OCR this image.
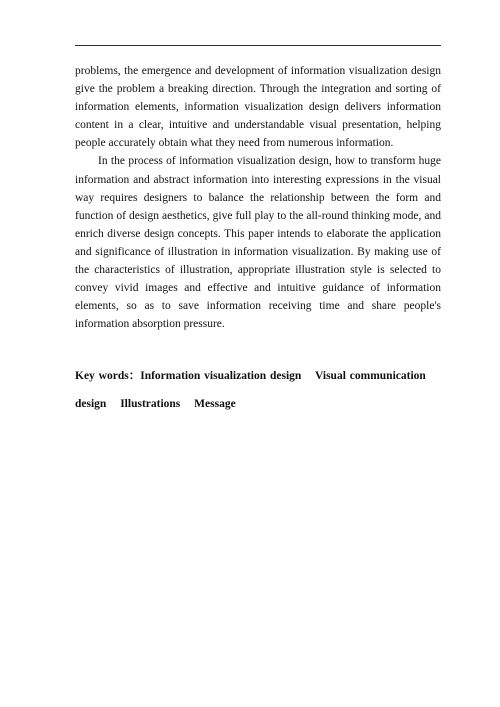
problems, the emergence and development of information visualization design give the problem a breaking direction. Through the integration and sorting of information elements, information visualization design delivers information content in a clear, intuitive and understandable visual presentation, helping people accurately obtain what they need from numerous information.

In the process of information visualization design, how to transform huge information and abstract information into interesting expressions in the visual way requires designers to balance the relationship between the form and function of design aesthetics, give full play to the all-round thinking mode, and enrich diverse design concepts. This paper intends to elaborate the application and significance of illustration in information visualization. By making use of the characteristics of illustration, appropriate illustration style is selected to convey vivid images and effective and intuitive guidance of information elements, so as to save information receiving time and share people's information absorption pressure.

Key words：Information visualization design Visual communication design Illustrations Message
